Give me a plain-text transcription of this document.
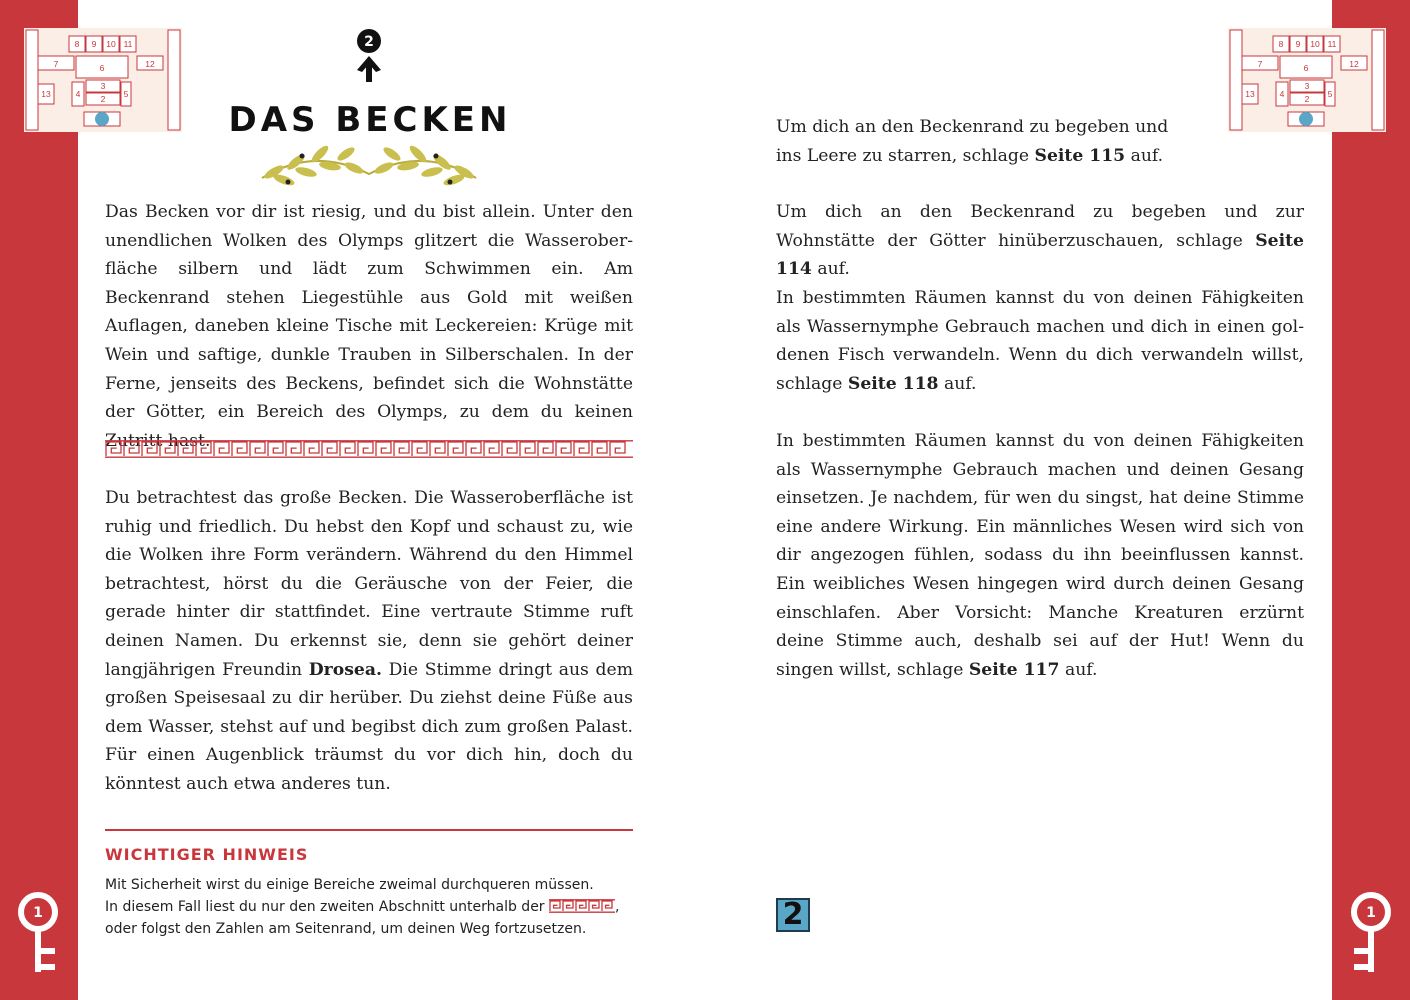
8 9 10 11
7	6	12
13	4
3
2 5
8 9 10 11
7	6	12
13	4
3
2 5
1	1
2
DAS BECKEN

Das Becken vor dir ist riesig, und du bist allein. Unter den unendlichen Wolken des Olymps glitzert die Wasseroberfläche silbern und lädt zum Schwimmen ein. Am Beckenrand stehen Liegestühle aus Gold mit weißen Auflagen, daneben kleine Tische mit Leckereien: Krüge mit Wein und saftige, dunkle Trauben in Silberschalen. In der Ferne, jenseits des Beckens, befindet sich die Wohnstätte der Götter, ein Bereich des Olymps, zu dem du keinen Zutritt hast.

Du betrachtest das große Becken. Die Wasseroberfläche ist ruhig und friedlich. Du hebst den Kopf und schaust zu, wie die Wolken ihre Form verändern. Während du den Himmel betrachtest, hörst du die Geräusche von der Feier, die gerade hinter dir stattfindet. Eine vertraute Stimme ruft deinen Namen. Du erkennst sie, denn sie gehört deiner langjährigen Freundin Drosea. Die Stimme dringt aus dem großen Speisesaal zu dir herüber. Du ziehst deine Füße aus dem Wasser, stehst auf und begibst dich zum großen Palast. Für einen Augenblick träumst du vor dich hin, doch du könntest auch etwa anderes tun.

WICHTIGER HINWEIS
Mit Sicherheit wirst du einige Bereiche zweimal durchqueren müssen.
In diesem Fall liest du nur den zweiten Abschnitt unterhalb der	,
oder folgst den Zahlen am Seitenrand, um deinen Weg fortzusetzen.

Um dich an den Beckenrand zu begeben und ins Leere zu starren, schlage Seite 115 auf.

Um dich an den Beckenrand zu begeben und zur Wohnstätte der Götter hinüberzuschauen, schlage Seite 114 auf.

In bestimmten Räumen kannst du von deinen Fähigkeiten als Wassernymphe Gebrauch machen und dich in einen goldenen Fisch verwandeln. Wenn du dich verwandeln willst, schlage Seite 118 auf.

In bestimmten Räumen kannst du von deinen Fähigkeiten als Wassernymphe Gebrauch machen und deinen Gesang einsetzen. Je nachdem, für wen du singst, hat deine Stimme eine andere Wirkung. Ein männliches Wesen wird sich von dir angezogen fühlen, sodass du ihn beeinflussen kannst. Ein weibliches Wesen hingegen wird durch deinen Gesang einschlafen. Aber Vorsicht: Manche Kreaturen erzürnt deine Stimme auch, deshalb sei auf der Hut! Wenn du singen willst, schlage Seite 117 auf.

2
